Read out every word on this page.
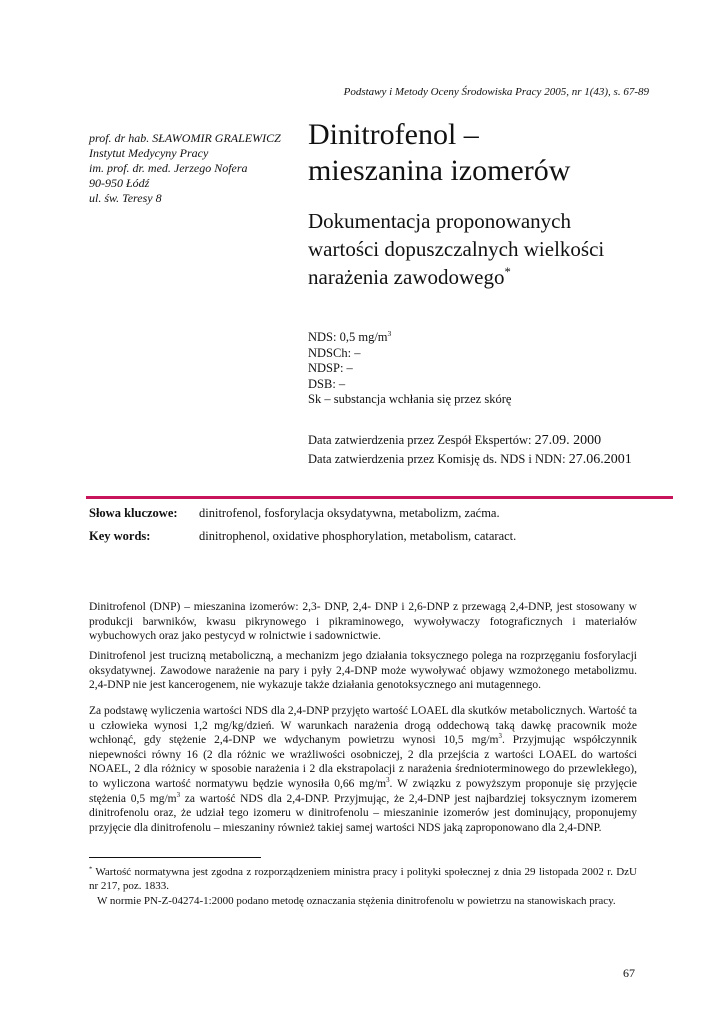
Podstawy i Metody Oceny Środowiska Pracy 2005, nr 1(43), s. 67-89
prof. dr hab. SŁAWOMIR GRALEWICZ
Instytut Medycyny Pracy
im. prof. dr. med. Jerzego Nofera
90-950 Łódź
ul. św. Teresy 8
Dinitrofenol –
mieszanina izomerów
Dokumentacja proponowanych
wartości dopuszczalnych wielkości
narażenia zawodowego*
NDS: 0,5 $mg/m^3$
NDSCh: –
NDSP: –
DSB: –
Sk – substancja wchłania się przez skórę
Data zatwierdzenia przez Zespół Ekspertów: 27.09. 2000
Data zatwierdzenia przez Komisję ds. NDS i NDN: 27.06.2001
Słowa kluczowe: dinitrofenol, fosforylacja oksydatywna, metabolizm, zaćma.
Key words:	dinitrophenol, oxidative phosphorylation, metabolism, cataract.

Dinitrofenol (DNP) – mieszanina izomerów: 2,3- DNP, 2,4- DNP i 2,6-DNP z przewagą 2,4-DNP, jest stosowany w produkcji barwników, kwasu pikrynowego i pikraminowego, wywoływaczy fotograficznych i materiałów wybuchowych oraz jako pestycyd w rolnictwie i sadownictwie.

Dinitrofenol jest trucizną metaboliczną, a mechanizm jego działania toksycznego polega na rozprzęganiu fosforylacji oksydatywnej. Zawodowe narażenie na pary i pyły 2,4-DNP może wywoływać objawy wzmożonego metabolizmu. 2,4-DNP nie jest kancerogenem, nie wykazuje także działania genotoksycznego ani mutagennego.

Za podstawę wyliczenia wartości NDS dla 2,4-DNP przyjęto wartość LOAEL dla skutków metabolicznych. Wartość ta u człowieka wynosi 1,2 mg/kg/dzień. W warunkach narażenia drogą oddechową taką dawkę pracownik może wchłonąć, gdy stężenie 2,4-DNP we wdychanym powietrzu wynosi 10,5 $mg/m^3$. Przyjmując współczynnik niepewności równy 16 (2 dla różnic we wrażliwości osobniczej, 2 dla przejścia z wartości LOAEL do wartości NOAEL, 2 dla różnicy w sposobie narażenia i 2 dla ekstrapolacji z narażenia średnioterminowego do przewlekłego), to wyliczona wartość normatywu będzie wynosiła 0,66 $mg/m^3$. W związku z powyższym proponuje się przyjęcie stężenia 0,5 $mg/m^3$ za wartość NDS dla 2,4-DNP. Przyjmując, że 2,4-DNP jest najbardziej toksycznym izomerem dinitrofenolu oraz, że udział tego izomeru w dinitrofenolu – mieszaninie izomerów jest dominujący, proponujemy przyjęcie dla dinitrofenolu – mieszaniny również takiej samej wartości NDS jaką zaproponowano dla 2,4-DNP.

* Wartość normatywna jest zgodna z rozporządzeniem ministra pracy i polityki społecznej z dnia 29 listopada 2002 r. DzU nr 217, poz. 1833.

W normie PN-Z-04274-1:2000 podano metodę oznaczania stężenia dinitrofenolu w powietrzu na stanowiskach pracy.

67
